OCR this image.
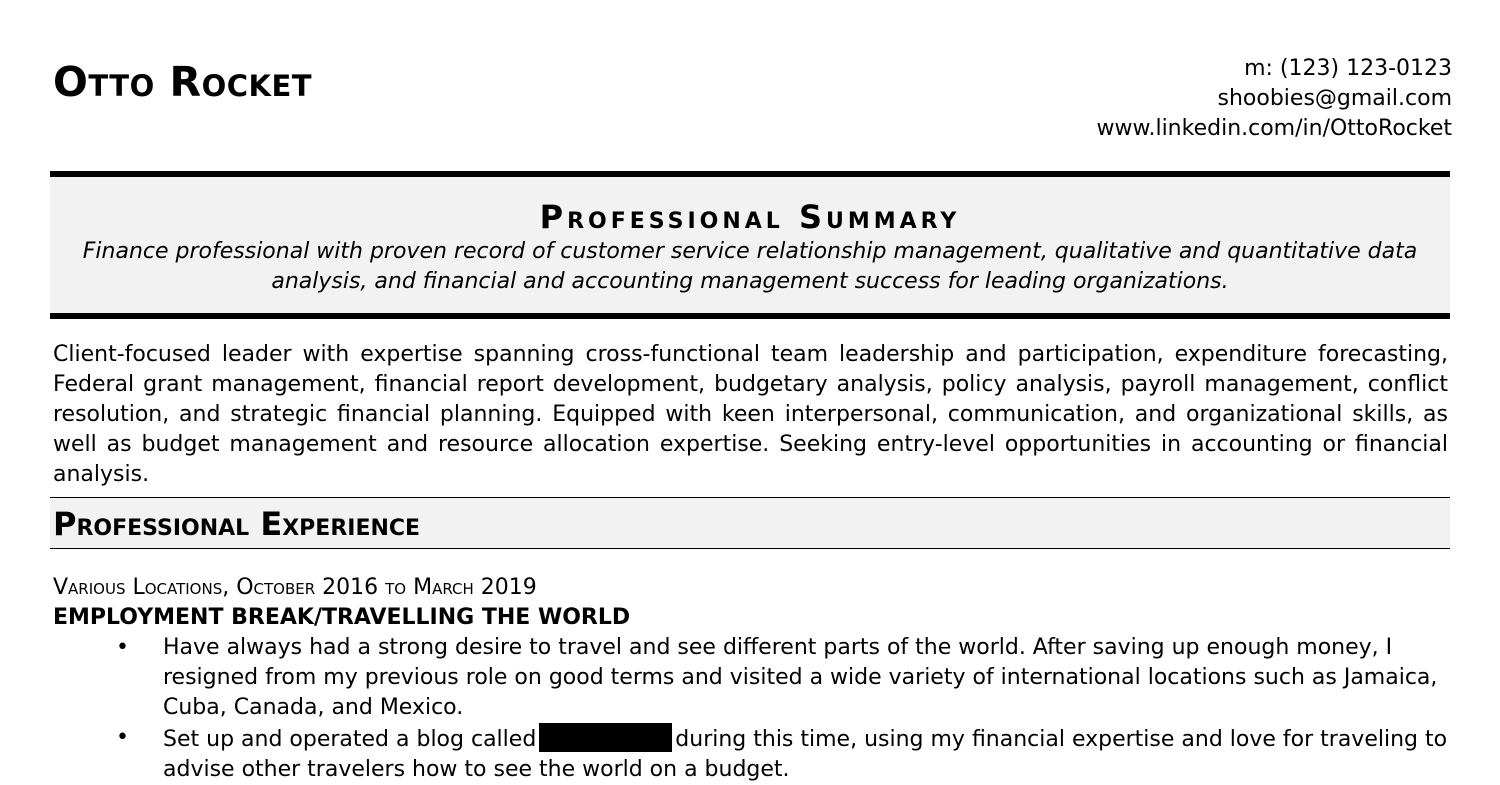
Otto Rocket	m: (123) 123-0123
shoobies@gmail.com
www.linkedin.com/in/OttoRocket
Professional Summary

Finance professional with proven record of customer service relationship management, qualitative and quantitative data analysis, and financial and accounting management success for leading organizations.

Client-focused leader with expertise spanning cross-functional team leadership and participation, expenditure forecasting, Federal grant management, financial report development, budgetary analysis, policy analysis, payroll management, conflict resolution, and strategic financial planning. Equipped with keen interpersonal, communication, and organizational skills, as well as budget management and resource allocation expertise. Seeking entry-level opportunities in accounting or financial analysis.

Professional Experience
Various Locations, October 2016 to March 2019
EMPLOYMENT BREAK/TRAVELLING THE WORLD
• Have always had a strong desire to travel and see different parts of the world. After saving up enough money, I resigned from my previous role on good terms and visited a wide variety of international locations such as Jamaica, Cuba, Canada, and Mexico.
• Set up and operated a blog called	during this time, using my financial expertise and love for traveling to advise other travelers how to see the world on a budget.
